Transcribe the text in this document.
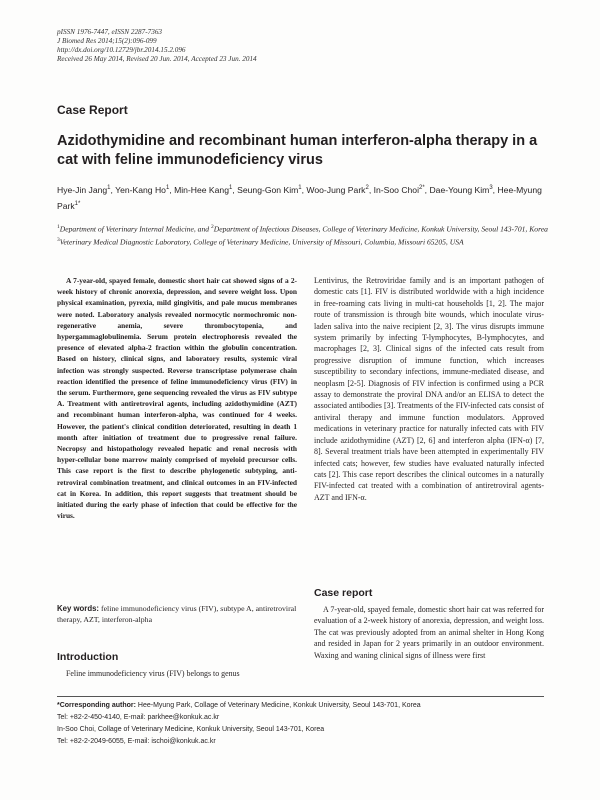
pISSN 1976-7447, eISSN 2287-7363
J Biomed Res 2014;15(2):096-099
http://dx.doi.org/10.12729/jbr.2014.15.2.096
Received 26 May 2014, Revised 20 Jun. 2014, Accepted 23 Jun. 2014
Case Report
Azidothymidine and recombinant human interferon-alpha therapy in a cat with feline immunodeficiency virus
Hye-Jin Jang$^1$, Yen-Kang Ho$^1$, Min-Hee Kang$^1$, Seung-Gon Kim$^1$, Woo-Jung Park$^2$, In-Soo Choi$^{2*}$, Dae-Young Kim$^3$, Hee-Myung Park$^{1*}$

$^1$Department of Veterinary Internal Medicine, and $^2$Department of Infectious Diseases, College of Veterinary Medicine, Konkuk University, Seoul 143-701, Korea

$^3$Veterinary Medical Diagnostic Laboratory, College of Veterinary Medicine, University of Missouri, Columbia, Missouri 65205, USA

A 7-year-old, spayed female, domestic short hair cat showed signs of a 2-week history of chronic anorexia, depression, and severe weight loss. Upon physical examination, pyrexia, mild gingivitis, and pale mucus membranes were noted. Laboratory analysis revealed normocytic normochromic non-regenerative anemia, severe thrombocytopenia, and hypergammaglobulinemia. Serum protein electrophoresis revealed the presence of elevated alpha-2 fraction within the globulin concentration. Based on history, clinical signs, and laboratory results, systemic viral infection was strongly suspected. Reverse transcriptase polymerase chain reaction identified the presence of feline immunodeficiency virus (FIV) in the serum. Furthermore, gene sequencing revealed the virus as FIV subtype A. Treatment with antiretroviral agents, including azidothymidine (AZT) and recombinant human interferon-alpha, was continued for 4 weeks. However, the patient's clinical condition deteriorated, resulting in death 1 month after initiation of treatment due to progressive renal failure. Necropsy and histopathology revealed hepatic and renal necrosis with hyper-cellular bone marrow mainly comprised of myeloid precursor cells. This case report is the first to describe phylogenetic subtyping, anti-retroviral combination treatment, and clinical outcomes in an FIV-infected cat in Korea. In addition, this report suggests that treatment should be initiated during the early phase of infection that could be effective for the virus.

Key words: feline immunodeficiency virus (FIV), subtype A, antiretroviral therapy, AZT, interferon-alpha

Introduction

Feline immunodeficiency virus (FIV) belongs to genus

Lentivirus, the Retroviridae family and is an important pathogen of domestic cats [1]. FIV is distributed worldwide with a high incidence in free-roaming cats living in multi-cat households [1, 2]. The major route of transmission is through bite wounds, which inoculate virus-laden saliva into the naive recipient [2, 3]. The virus disrupts immune system primarily by infecting T-lymphocytes, B-lymphocytes, and macrophages [2, 3]. Clinical signs of the infected cats result from progressive disruption of immune function, which increases susceptibility to secondary infections, immune-mediated disease, and neoplasm [2-5]. Diagnosis of FIV infection is confirmed using a PCR assay to demonstrate the proviral DNA and/or an ELISA to detect the associated antibodies [3]. Treatments of the FIV-infected cats consist of antiviral therapy and immune function modulators. Approved medications in veterinary practice for naturally infected cats with FIV include azidothymidine (AZT) [2, 6] and interferon alpha (IFN-α) [7, 8]. Several treatment trials have been attempted in experimentally FIV infected cats; however, few studies have evaluated naturally infected cats [2]. This case report describes the clinical outcomes in a naturally FIV-infected cat treated with a combination of antiretroviral agents-AZT and IFN-α.

Case report

A 7-year-old, spayed female, domestic short hair cat was referred for evaluation of a 2-week history of anorexia, depression, and weight loss. The cat was previously adopted from an animal shelter in Hong Kong and resided in Japan for 2 years primarily in an outdoor environment. Waxing and waning clinical signs of illness were first

*Corresponding author: Hee-Myung Park, Collage of Veterinary Medicine, Konkuk University, Seoul 143-701, Korea
Tel: +82-2-450-4140, E-mail: parkhee@konkuk.ac.kr
In-Soo Choi, Collage of Veterinary Medicine, Konkuk University, Seoul 143-701, Korea
Tel: +82-2-2049-6055, E-mail: ischoi@konkuk.ac.kr
